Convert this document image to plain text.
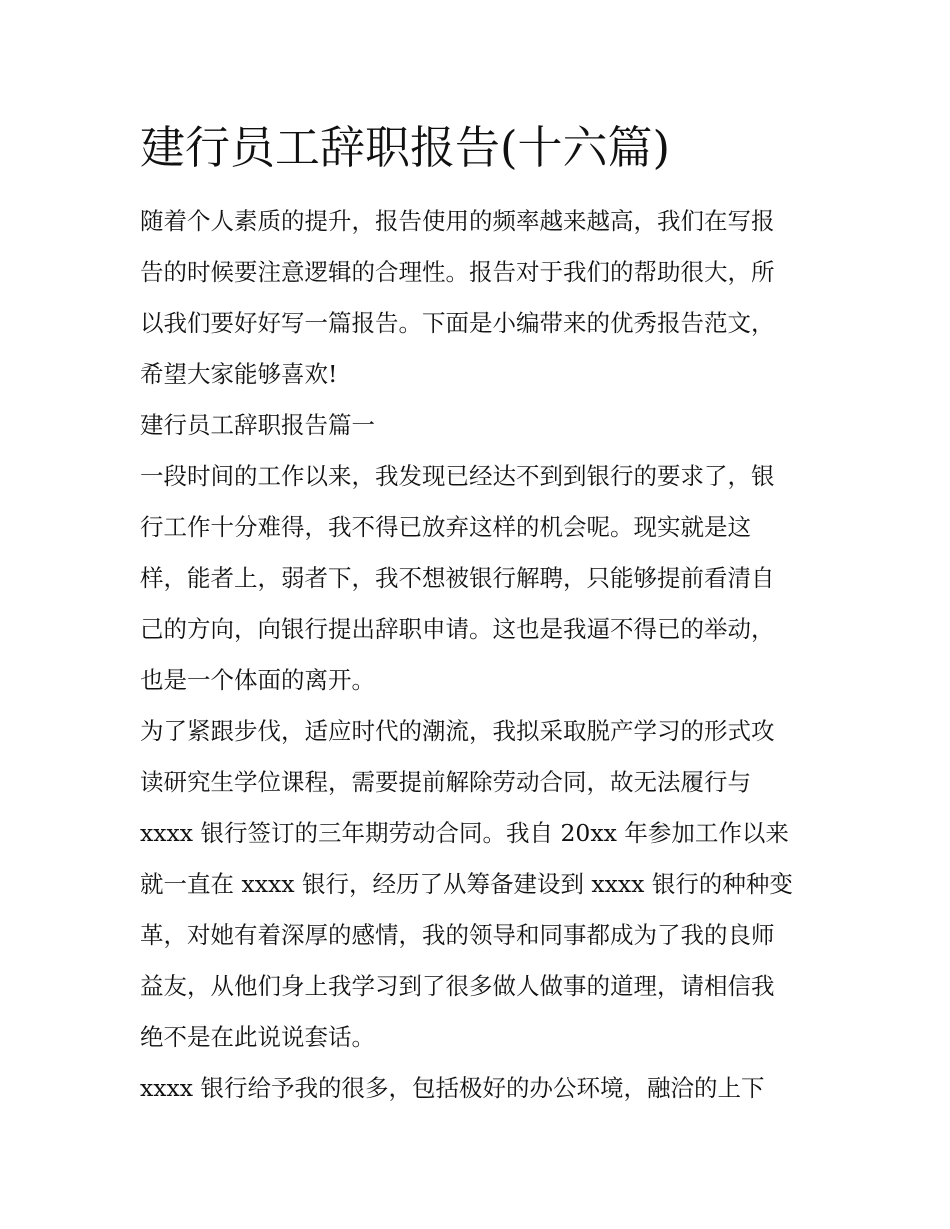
建行员工辞职报告(十六篇)
随着个人素质的提升，报告使用的频率越来越高，我们在写报
告的时候要注意逻辑的合理性。报告对于我们的帮助很大，所
以我们要好好写一篇报告。下面是小编带来的优秀报告范文，
希望大家能够喜欢!
建行员工辞职报告篇一
一段时间的工作以来，我发现已经达不到到银行的要求了，银
行工作十分难得，我不得已放弃这样的机会呢。现实就是这
样，能者上，弱者下，我不想被银行解聘，只能够提前看清自
己的方向，向银行提出辞职申请。这也是我逼不得已的举动，
也是一个体面的离开。
为了紧跟步伐，适应时代的潮流，我拟采取脱产学习的形式攻
读研究生学位课程，需要提前解除劳动合同，故无法履行与
xxxx 银行签订的三年期劳动合同。我自 20xx 年参加工作以来
就一直在 xxxx 银行，经历了从筹备建设到 xxxx 银行的种种变
革，对她有着深厚的感情，我的领导和同事都成为了我的良师
益友，从他们身上我学习到了很多做人做事的道理，请相信我
绝不是在此说说套话。
xxxx 银行给予我的很多，包括极好的办公环境，融洽的上下
